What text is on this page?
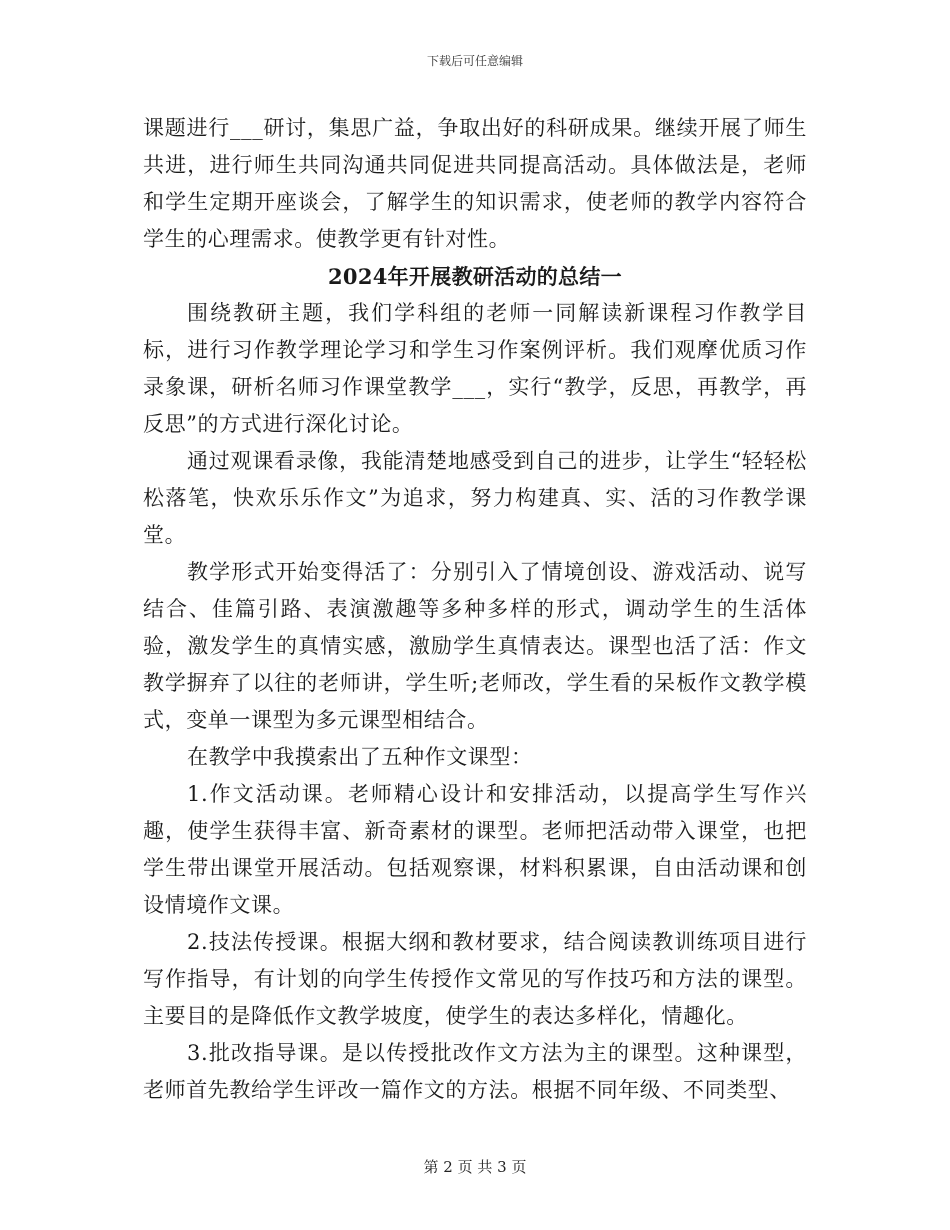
下载后可任意编辑

课题进行___研讨，集思广益，争取出好的科研成果。继续开展了师生共进，进行师生共同沟通共同促进共同提高活动。具体做法是，老师和学生定期开座谈会，了解学生的知识需求，使老师的教学内容符合学生的心理需求。使教学更有针对性。

2024年开展教研活动的总结一

围绕教研主题，我们学科组的老师一同解读新课程习作教学目标，进行习作教学理论学习和学生习作案例评析。我们观摩优质习作录象课，研析名师习作课堂教学___，实行“教学，反思，再教学，再反思”的方式进行深化讨论。

通过观课看录像，我能清楚地感受到自己的进步，让学生“轻轻松松落笔，快欢乐乐作文”为追求，努力构建真、实、活的习作教学课堂。

教学形式开始变得活了：分别引入了情境创设、游戏活动、说写结合、佳篇引路、表演激趣等多种多样的形式，调动学生的生活体验，激发学生的真情实感，激励学生真情表达。课型也活了活：作文教学摒弃了以往的老师讲，学生听;老师改，学生看的呆板作文教学模式，变单一课型为多元课型相结合。

在教学中我摸索出了五种作文课型：

1.作文活动课。老师精心设计和安排活动，以提高学生写作兴趣，使学生获得丰富、新奇素材的课型。老师把活动带入课堂，也把学生带出课堂开展活动。包括观察课，材料积累课，自由活动课和创设情境作文课。

2.技法传授课。根据大纲和教材要求，结合阅读教训练项目进行写作指导，有计划的向学生传授作文常见的写作技巧和方法的课型。主要目的是降低作文教学坡度，使学生的表达多样化，情趣化。

3.批改指导课。是以传授批改作文方法为主的课型。这种课型，老师首先教给学生评改一篇作文的方法。根据不同年级、不同类型、

第 2 页 共 3 页
